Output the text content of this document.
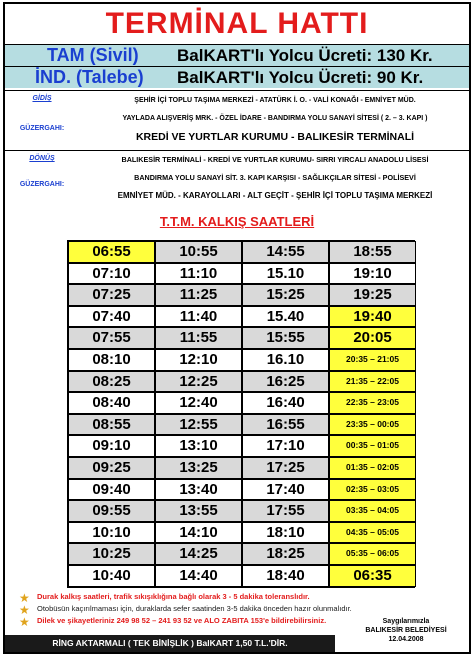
TERMİNAL HATTI
TAM (Sivil) BalKART'lı Yolcu Ücreti: 130 Kr.
İND. (Talebe) BalKART'lı Yolcu Ücreti: 90 Kr.
GİDİŞ
GÜZERGAHI:
ŞEHİR İÇİ TOPLU TAŞIMA MERKEZİ - ATATÜRK İ. O. - VALİ KONAĞI - EMNİYET MÜD.
YAYLADA ALIŞVERİŞ MRK. - ÖZEL İDARE - BANDIRMA YOLU SANAYİ SİTESİ ( 2. – 3. KAPI )
KREDİ VE YURTLAR KURUMU - BALIKESİR TERMİNALİ
DÖNÜŞ
GÜZERGAHI:
BALIKESİR TERMİNALİ - KREDİ VE YURTLAR KURUMU- SIRRI YIRCALI ANADOLU LİSESİ
BANDIRMA YOLU SANAYİ SİT. 3. KAPI KARŞISI - SAĞLIKÇILAR SİTESİ - POLİSEVİ
EMNİYET MÜD. - KARAYOLLARI - ALT GEÇİT - ŞEHİR İÇİ TOPLU TAŞIMA MERKEZİ
T.T.M. KALKIŞ SAATLERİ
06:55
07:10
07:25
07:40
07:55
08:10
08:25
08:40
08:55
09:10
09:25
09:40
09:55
10:10
10:25
10:40
10:55
11:10
11:25
11:40
11:55
12:10
12:25
12:40
12:55
13:10
13:25
13:40
13:55
14:10
14:25
14:40
14:55
15.10
15:25
15.40
15:55
16.10
16:25
16:40
16:55
17:10
17:25
17:40
17:55
18:10
18:25
18:40
18:55
19:10
19:25
19:40
20:05
20:35 – 21:05
21:35 – 22:05
22:35 – 23:05
23:35 – 00:05
00:35 – 01:05
01:35 – 02:05
02:35 – 03:05
03:35 – 04:05
04:35 – 05:05
05:35 – 06:05
06:35
★
★
★
Durak kalkış saatleri, trafik sıkışıklığına bağlı olarak 3 - 5 dakika toleranslıdır.
Otobüsün kaçırılmaması için, duraklarda sefer saatinden 3-5 dakika önceden hazır olunmalıdır.
Dilek ve şikayetleriniz 249 98 52 – 241 93 52 ve ALO ZABITA 153'e bildirebilirsiniz.
RİNG AKTARMALI ( TEK BİNİŞLİK ) BalKART 1,50 T.L.'DİR.
Saygılarımızla
BALIKESİR BELEDİYESİ
12.04.2008
